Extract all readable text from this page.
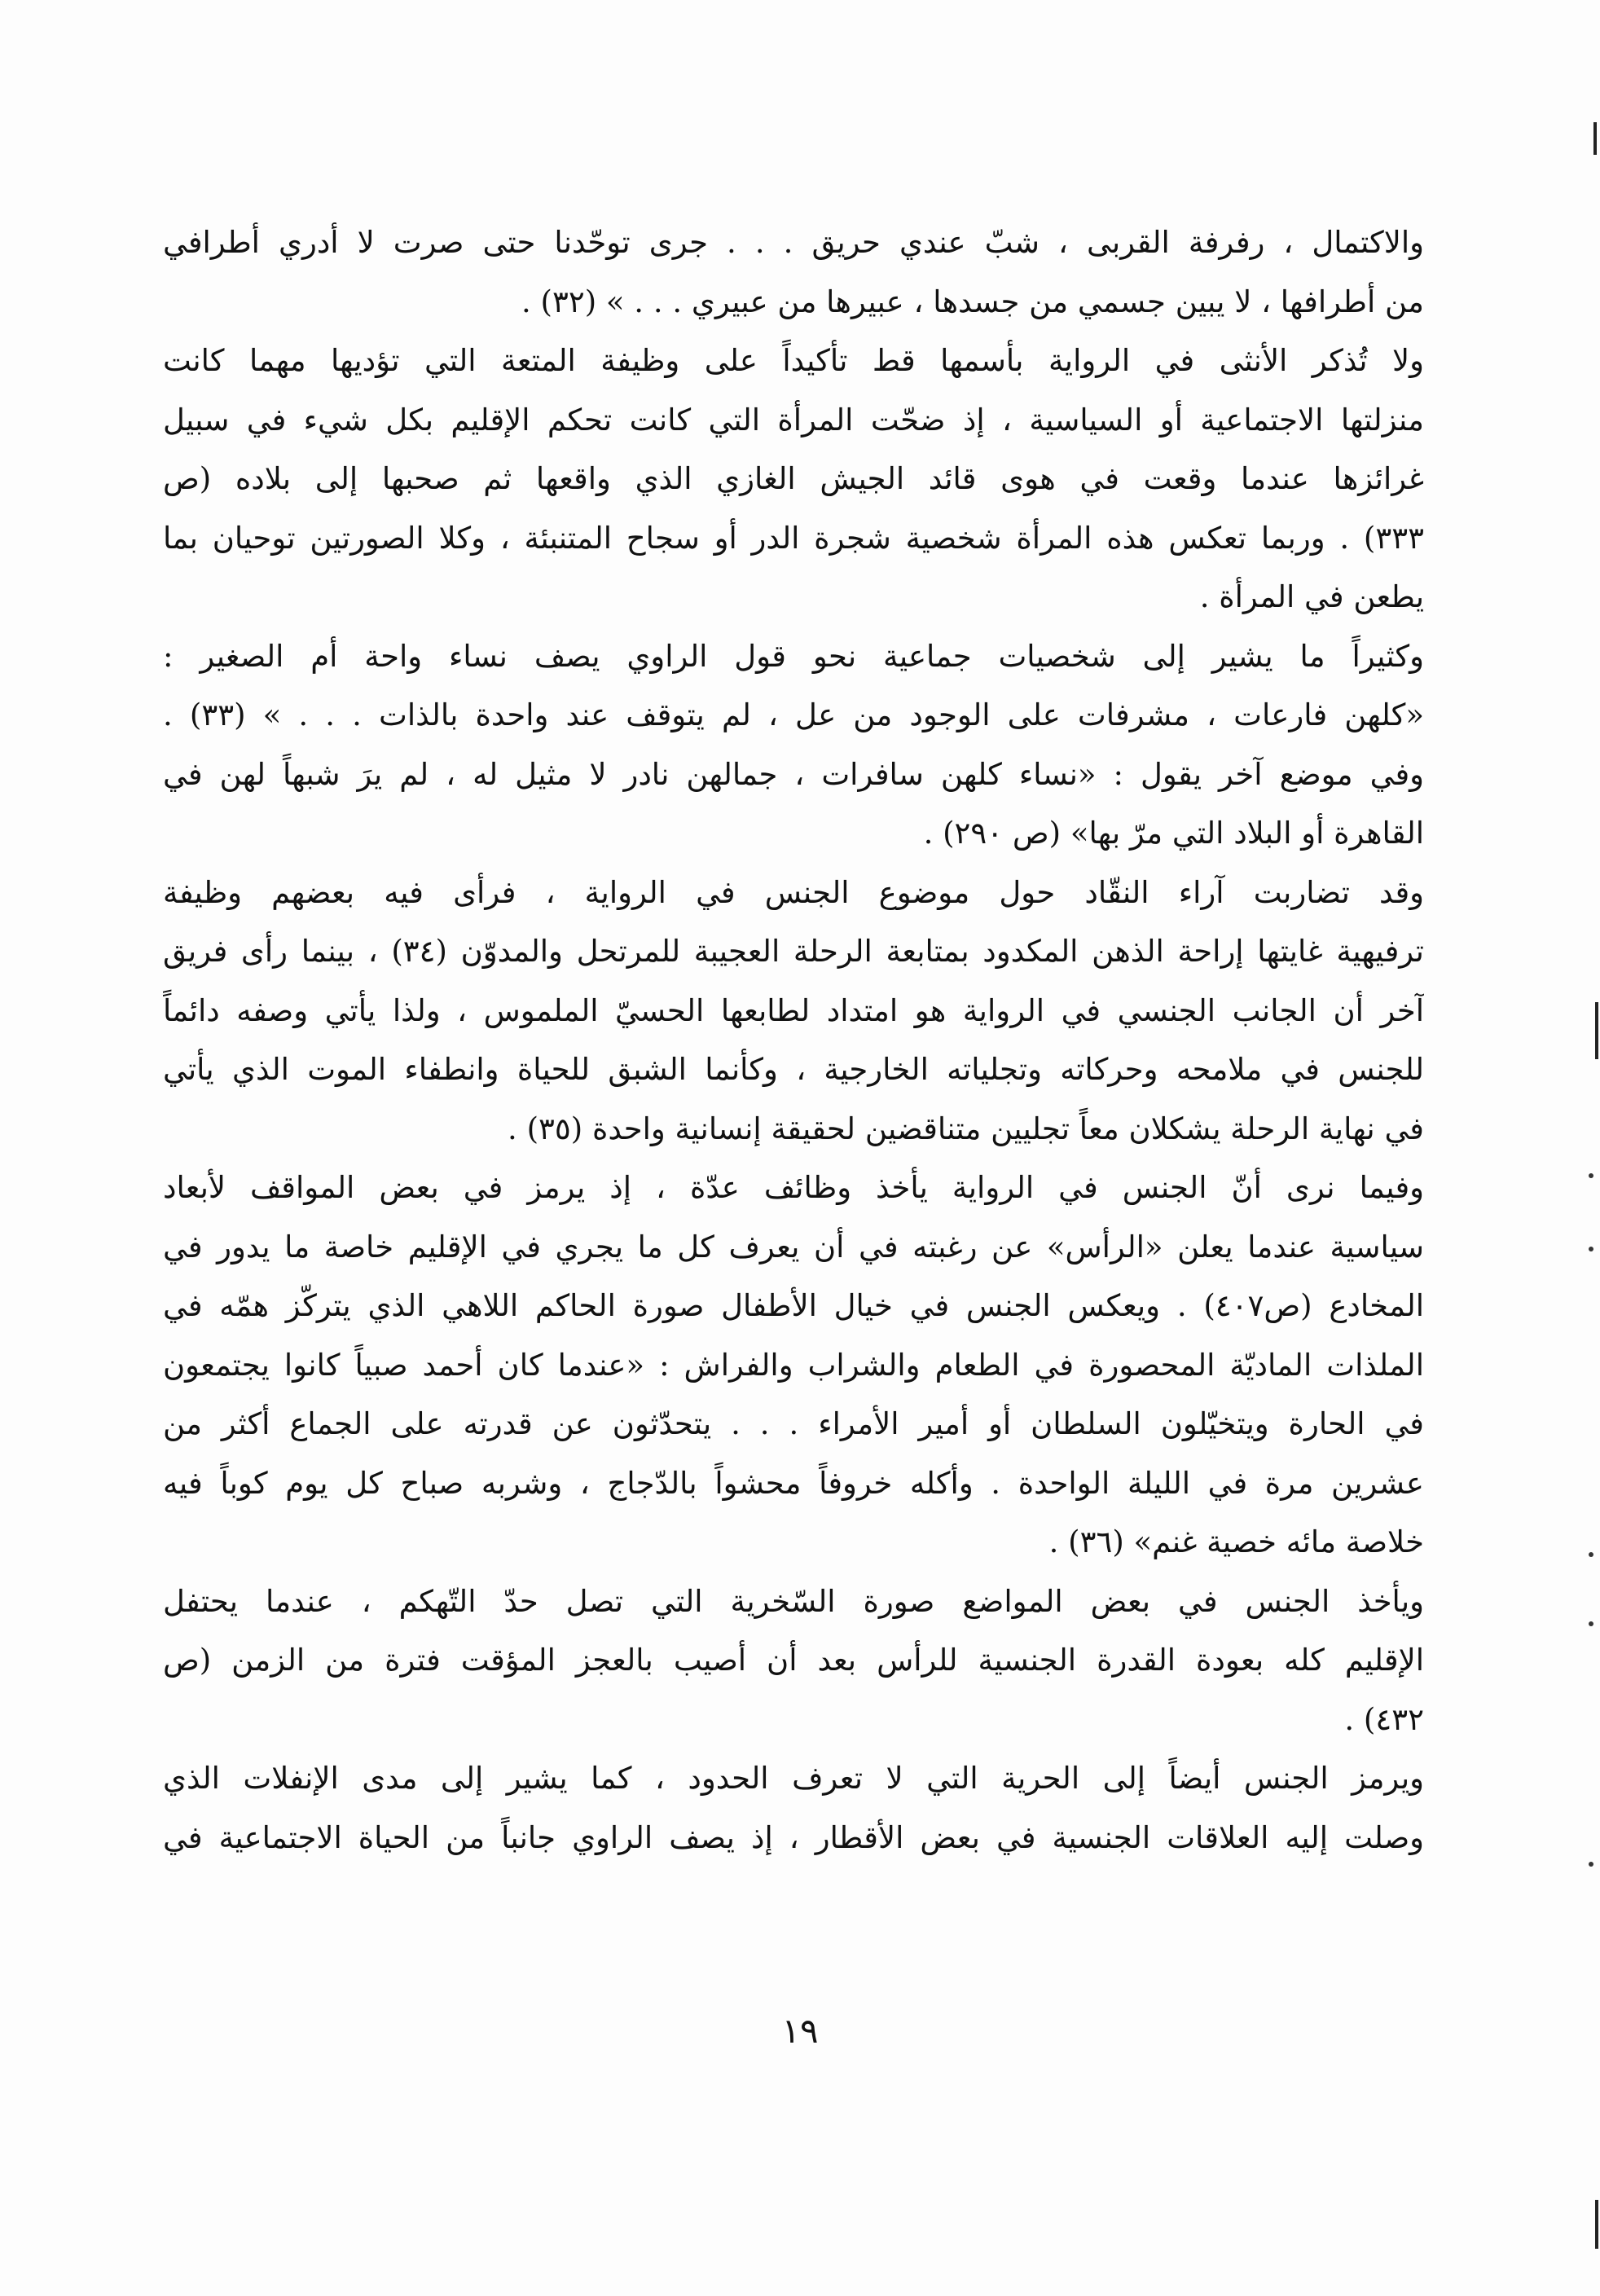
والاكتمال ، رفرفة القربى ، شبّ عندي حريق . . . جرى توحّدنا حتى صرت لا أدري أطرافي
من أطرافها ، لا يبين جسمي من جسدها ، عبيرها من عبيري . . . » (٣٢) .
ولا تُذكر الأنثى في الرواية بأسمها قط تأكيداً على وظيفة المتعة التي تؤديها مهما كانت
منزلتها الاجتماعية أو السياسية ، إذ ضحّت المرأة التي كانت تحكم الإقليم بكل شيء في سبيل
غرائزها عندما وقعت في هوى قائد الجيش الغازي الذي واقعها ثم صحبها إلى بلاده (ص
٣٣٣) . وربما تعكس هذه المرأة شخصية شجرة الدر أو سجاح المتنبئة ، وكلا الصورتين توحيان بما
يطعن في المرأة .
وكثيراً ما يشير إلى شخصيات جماعية نحو قول الراوي يصف نساء واحة أم الصغير :
«كلهن فارعات ، مشرفات على الوجود من عل ، لم يتوقف عند واحدة بالذات . . . » (٣٣) .
وفي موضع آخر يقول : «نساء كلهن سافرات ، جمالهن نادر لا مثيل له ، لم يرَ شبهاً لهن في
القاهرة أو البلاد التي مرّ بها» (ص ٢٩٠) .
وقد تضاربت آراء النقّاد حول موضوع الجنس في الرواية ، فرأى فيه بعضهم وظيفة
ترفيهية غايتها إراحة الذهن المكدود بمتابعة الرحلة العجيبة للمرتحل والمدوّن (٣٤) ، بينما رأى فريق
آخر أن الجانب الجنسي في الرواية هو امتداد لطابعها الحسيّ الملموس ، ولذا يأتي وصفه دائماً
للجنس في ملامحه وحركاته وتجلياته الخارجية ، وكأنما الشبق للحياة وانطفاء الموت الذي يأتي
في نهاية الرحلة يشكلان معاً تجليين متناقضين لحقيقة إنسانية واحدة (٣٥) .
وفيما نرى أنّ الجنس في الرواية يأخذ وظائف عدّة ، إذ يرمز في بعض المواقف لأبعاد
سياسية عندما يعلن «الرأس» عن رغبته في أن يعرف كل ما يجري في الإقليم خاصة ما يدور في
المخادع (ص٤٠٧) . ويعكس الجنس في خيال الأطفال صورة الحاكم اللاهي الذي يتركّز همّه في
الملذات الماديّة المحصورة في الطعام والشراب والفراش : «عندما كان أحمد صبياً كانوا يجتمعون
في الحارة ويتخيّلون السلطان أو أمير الأمراء . . . يتحدّثون عن قدرته على الجماع أكثر من
عشرين مرة في الليلة الواحدة . وأكله خروفاً محشواً بالدّجاج ، وشربه صباح كل يوم كوباً فيه
خلاصة مائه خصية غنم» (٣٦) .
ويأخذ الجنس في بعض المواضع صورة السّخرية التي تصل حدّ التّهكم ، عندما يحتفل
الإقليم كله بعودة القدرة الجنسية للرأس بعد أن أصيب بالعجز المؤقت فترة من الزمن (ص
٤٣٢) .
ويرمز الجنس أيضاً إلى الحرية التي لا تعرف الحدود ، كما يشير إلى مدى الإنفلات الذي
وصلت إليه العلاقات الجنسية في بعض الأقطار ، إذ يصف الراوي جانباً من الحياة الاجتماعية في
١٩
